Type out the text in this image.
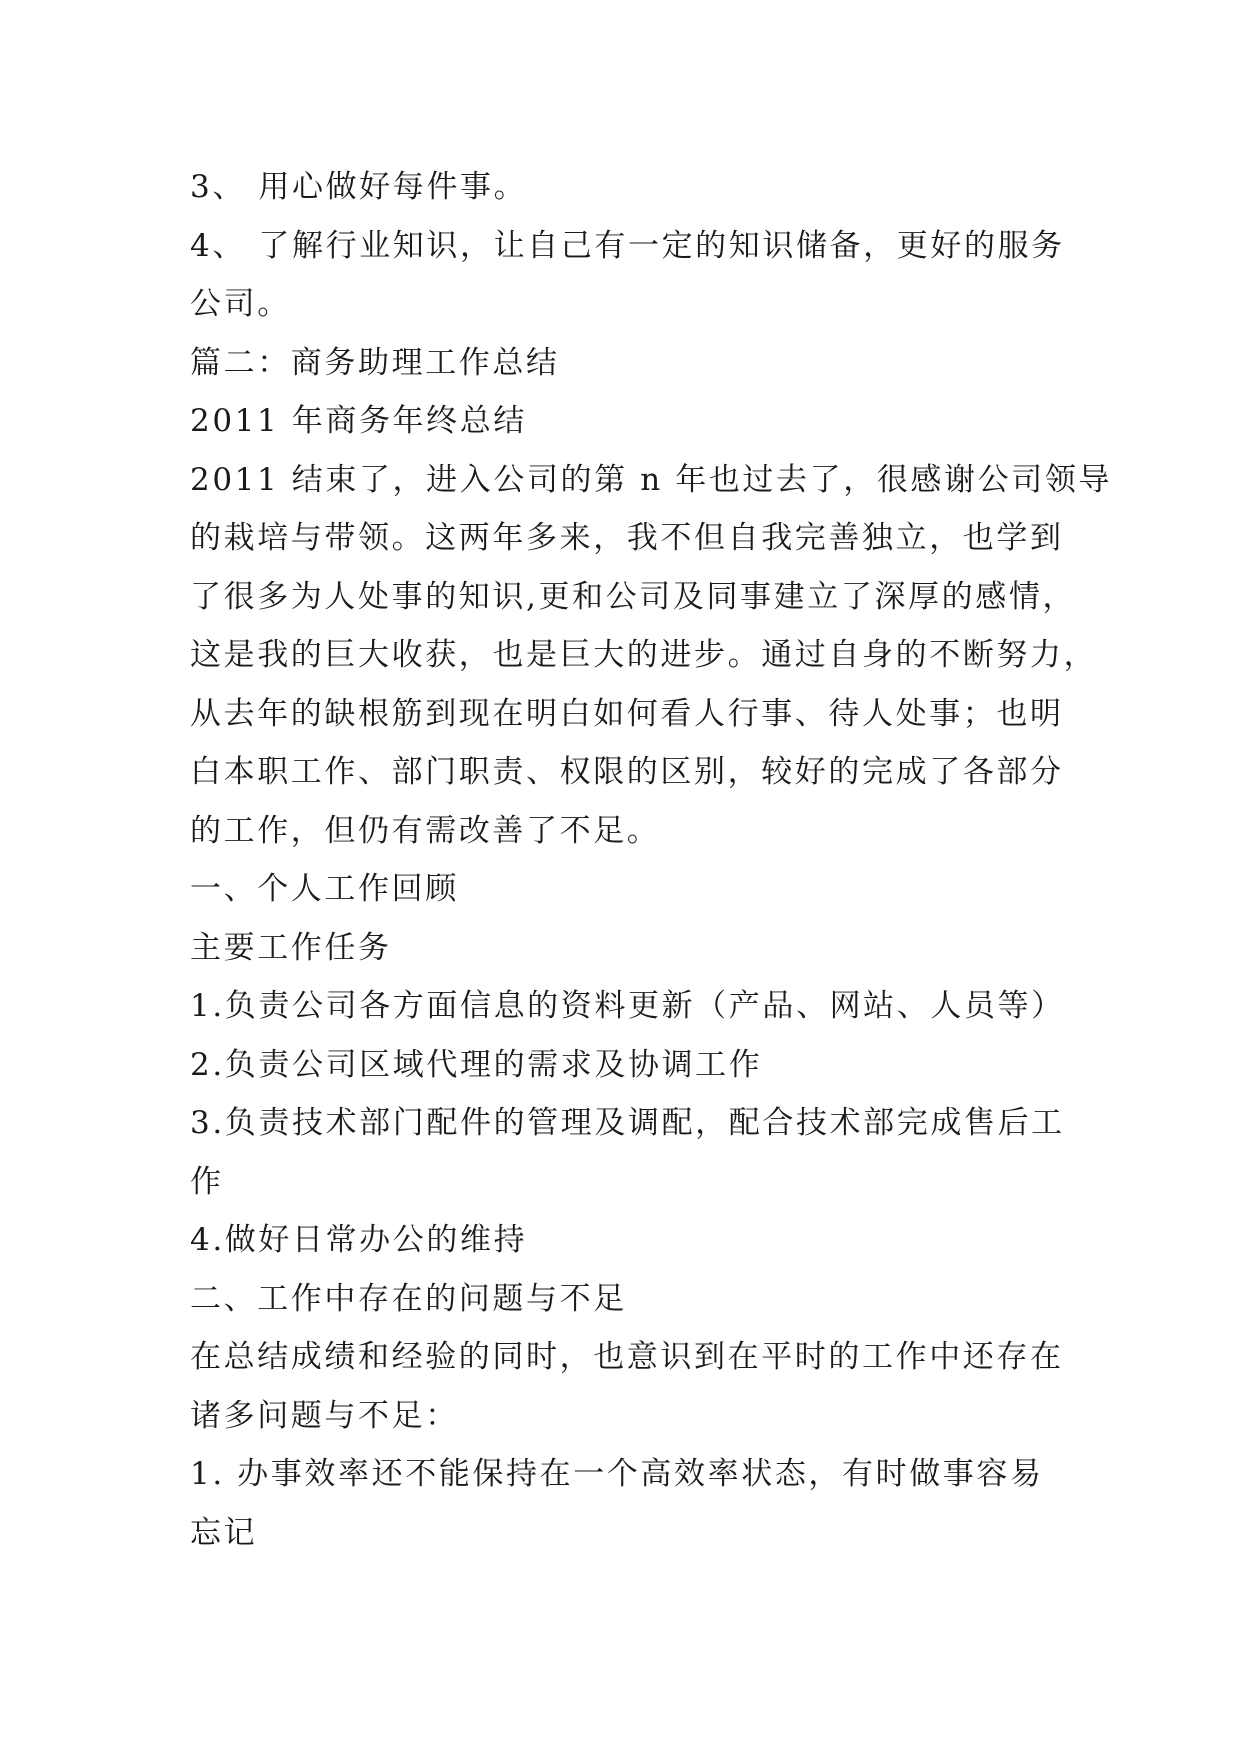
3、 用心做好每件事。
4、 了解行业知识，让自己有一定的知识储备，更好的服务
公司。
篇二：商务助理工作总结
2011 年商务年终总结
2011 结束了，进入公司的第 n 年也过去了，很感谢公司领导
的栽培与带领。这两年多来，我不但自我完善独立，也学到
了很多为人处事的知识,更和公司及同事建立了深厚的感情，
这是我的巨大收获，也是巨大的进步。通过自身的不断努力，
从去年的缺根筋到现在明白如何看人行事、待人处事；也明
白本职工作、部门职责、权限的区别，较好的完成了各部分
的工作，但仍有需改善了不足。
一、个人工作回顾
主要工作任务
1.负责公司各方面信息的资料更新（产品、网站、人员等）
2.负责公司区域代理的需求及协调工作
3.负责技术部门配件的管理及调配，配合技术部完成售后工
作
4.做好日常办公的维持
二、工作中存在的问题与不足
在总结成绩和经验的同时，也意识到在平时的工作中还存在
诸多问题与不足：
1. 办事效率还不能保持在一个高效率状态，有时做事容易
忘记
